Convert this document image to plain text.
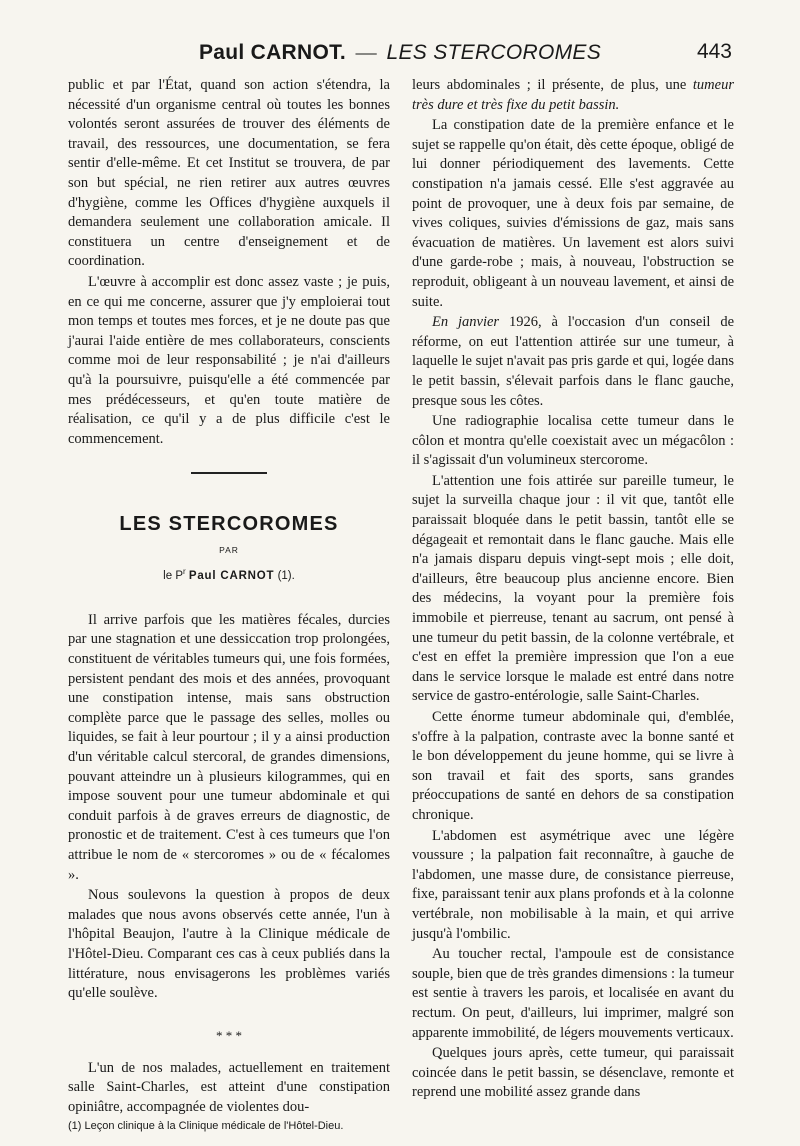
Paul CARNOT. — LES STERCOROMES	443

public et par l'État, quand son action s'étendra, la nécessité d'un organisme central où toutes les bonnes volontés seront assurées de trouver des éléments de travail, des ressources, une documentation, se fera sentir d'elle-même. Et cet Institut se trouvera, de par son but spécial, ne rien retirer aux autres œuvres d'hygiène, comme les Offices d'hygiène auxquels il demandera seulement une collaboration amicale. Il constituera un centre d'enseignement et de coordination.

L'œuvre à accomplir est donc assez vaste ; je puis, en ce qui me concerne, assurer que j'y emploierai tout mon temps et toutes mes forces, et je ne doute pas que j'aurai l'aide entière de mes collaborateurs, conscients comme moi de leur responsabilité ; je n'ai d'ailleurs qu'à la poursuivre, puisqu'elle a été commencée par mes prédécesseurs, et qu'en toute matière de réalisation, ce qu'il y a de plus difficile c'est le commencement.

LES STERCOROMES
PAR
le $P^r$ Paul CARNOT (1).

Il arrive parfois que les matières fécales, durcies par une stagnation et une dessiccation trop prolongées, constituent de véritables tumeurs qui, une fois formées, persistent pendant des mois et des années, provoquant une constipation intense, mais sans obstruction complète parce que le passage des selles, molles ou liquides, se fait à leur pourtour ; il y a ainsi production d'un véritable calcul stercoral, de grandes dimensions, pouvant atteindre un à plusieurs kilogrammes, qui en impose souvent pour une tumeur abdominale et qui conduit parfois à de graves erreurs de diagnostic, de pronostic et de traitement. C'est à ces tumeurs que l'on attribue le nom de « stercoromes » ou de « fécalomes ».

Nous soulevons la question à propos de deux malades que nous avons observés cette année, l'un à l'hôpital Beaujon, l'autre à la Clinique médicale de l'Hôtel-Dieu. Comparant ces cas à ceux publiés dans la littérature, nous envisagerons les problèmes variés qu'elle soulève.

* * *

L'un de nos malades, actuellement en traitement salle Saint-Charles, est atteint d'une constipation opiniâtre, accompagnée de violentes dou-

(1) Leçon clinique à la Clinique médicale de l'Hôtel-Dieu.

leurs abdominales ; il présente, de plus, une tumeur très dure et très fixe du petit bassin.

La constipation date de la première enfance et le sujet se rappelle qu'on était, dès cette époque, obligé de lui donner périodiquement des lavements. Cette constipation n'a jamais cessé. Elle s'est aggravée au point de provoquer, une à deux fois par semaine, de vives coliques, suivies d'émissions de gaz, mais sans évacuation de matières. Un lavement est alors suivi d'une garde-robe ; mais, à nouveau, l'obstruction se reproduit, obligeant à un nouveau lavement, et ainsi de suite.

En janvier 1926, à l'occasion d'un conseil de réforme, on eut l'attention attirée sur une tumeur, à laquelle le sujet n'avait pas pris garde et qui, logée dans le petit bassin, s'élevait parfois dans le flanc gauche, presque sous les côtes.

Une radiographie localisa cette tumeur dans le côlon et montra qu'elle coexistait avec un mégacôlon : il s'agissait d'un volumineux stercorome.

L'attention une fois attirée sur pareille tumeur, le sujet la surveilla chaque jour : il vit que, tantôt elle paraissait bloquée dans le petit bassin, tantôt elle se dégageait et remontait dans le flanc gauche. Mais elle n'a jamais disparu depuis vingt-sept mois ; elle doit, d'ailleurs, être beaucoup plus ancienne encore. Bien des médecins, la voyant pour la première fois immobile et pierreuse, tenant au sacrum, ont pensé à une tumeur du petit bassin, de la colonne vertébrale, et c'est en effet la première impression que l'on a eue dans le service lorsque le malade est entré dans notre service de gastro-entérologie, salle Saint-Charles.

Cette énorme tumeur abdominale qui, d'emblée, s'offre à la palpation, contraste avec la bonne santé et le bon développement du jeune homme, qui se livre à son travail et fait des sports, sans grandes préoccupations de santé en dehors de sa constipation chronique.

L'abdomen est asymétrique avec une légère voussure ; la palpation fait reconnaître, à gauche de l'abdomen, une masse dure, de consistance pierreuse, fixe, paraissant tenir aux plans profonds et à la colonne vertébrale, non mobilisable à la main, et qui arrive jusqu'à l'ombilic.

Au toucher rectal, l'ampoule est de consistance souple, bien que de très grandes dimensions : la tumeur est sentie à travers les parois, et localisée en avant du rectum. On peut, d'ailleurs, lui imprimer, malgré son apparente immobilité, de légers mouvements verticaux.

Quelques jours après, cette tumeur, qui paraissait coincée dans le petit bassin, se désenclave, remonte et reprend une mobilité assez grande dans
